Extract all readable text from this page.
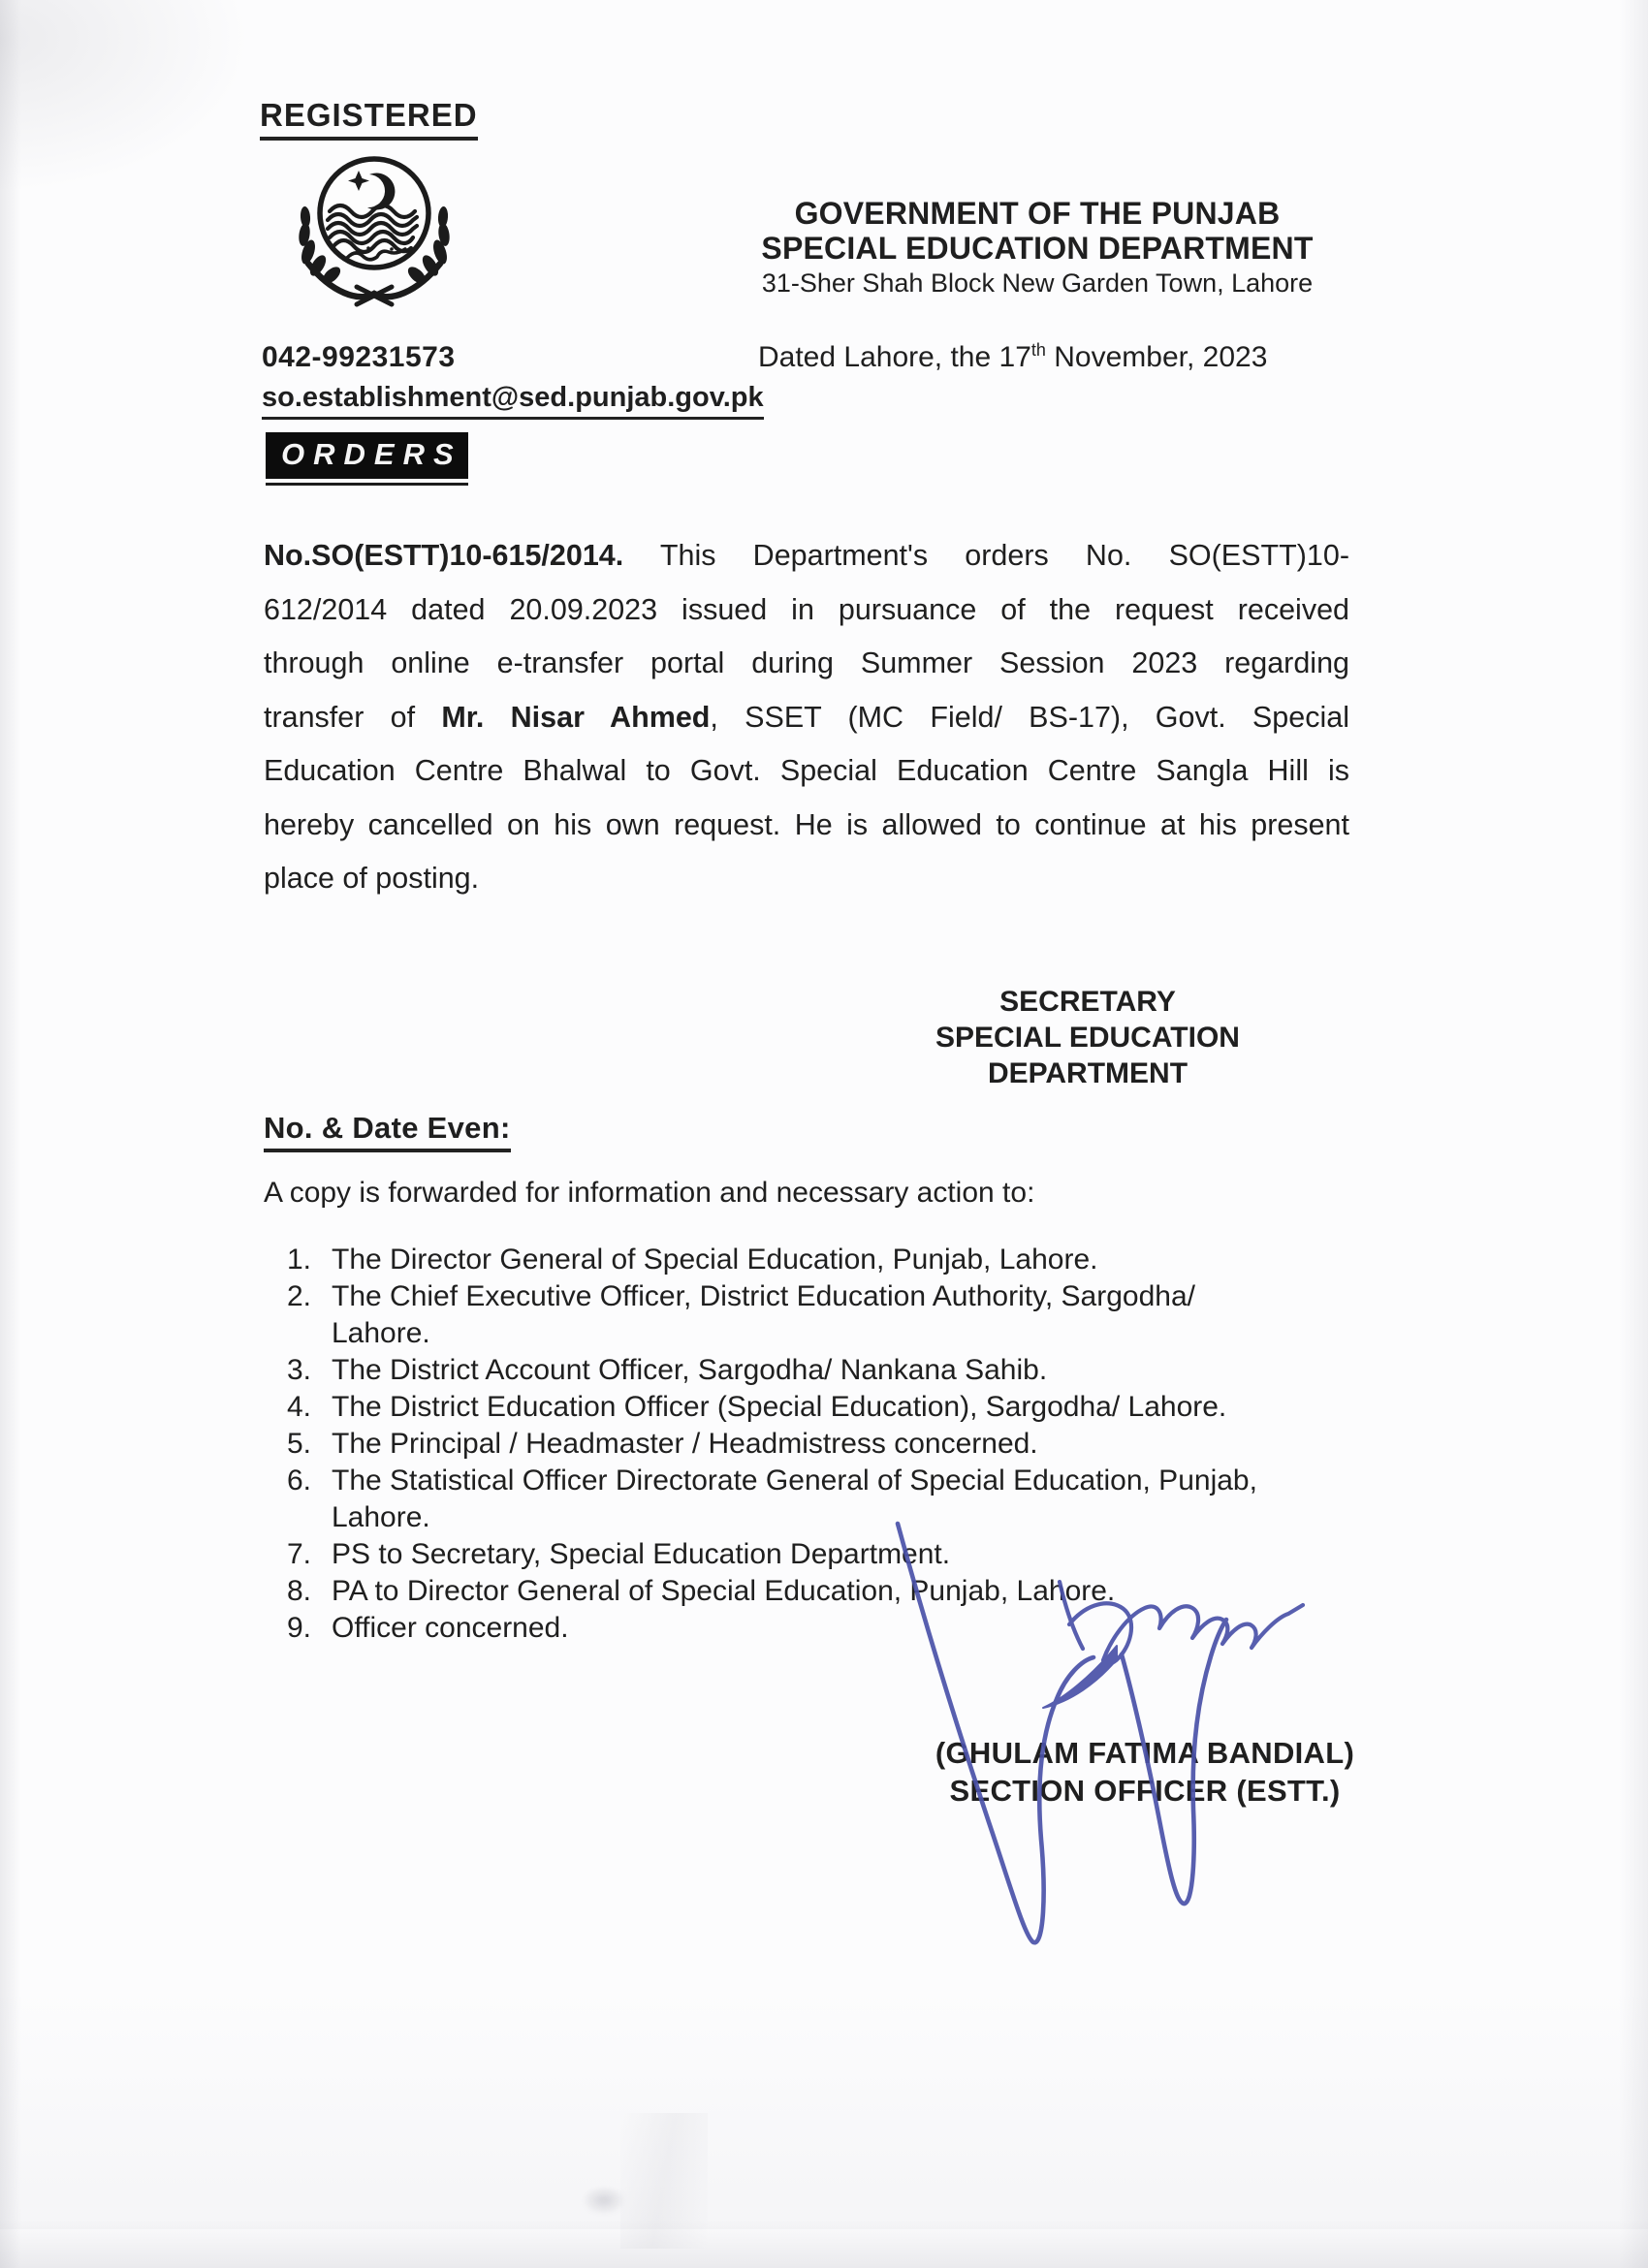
REGISTERED
GOVERNMENT OF THE PUNJAB
SPECIAL EDUCATION DEPARTMENT
31-Sher Shah Block New Garden Town, Lahore
042-99231573
so.establishment@sed.punjab.gov.pk
Dated Lahore, the 17th November, 2023
ORDERS
No.SO(ESTT)10-615/2014. This Department's orders No. SO(ESTT)10-
612/2014 dated 20.09.2023 issued in pursuance of the request received
through online e-transfer portal during Summer Session 2023 regarding
transfer of Mr. Nisar Ahmed, SSET (MC Field/ BS-17), Govt. Special
Education Centre Bhalwal to Govt. Special Education Centre Sangla Hill is
hereby cancelled on his own request. He is allowed to continue at his present
place of posting.
SECRETARY
SPECIAL EDUCATION
DEPARTMENT
No. & Date Even:
A copy is forwarded for information and necessary action to:
1. The Director General of Special Education, Punjab, Lahore.
2. The Chief Executive Officer, District Education Authority, Sargodha/
Lahore.
3. The District Account Officer, Sargodha/ Nankana Sahib.
4. The District Education Officer (Special Education), Sargodha/ Lahore.
5. The Principal / Headmaster / Headmistress concerned.
6. The Statistical Officer Directorate General of Special Education, Punjab,
Lahore.
7. PS to Secretary, Special Education Department.
8. PA to Director General of Special Education, Punjab, Lahore.
9. Officer concerned.
(GHULAM FATIMA BANDIAL)
SECTION OFFICER (ESTT.)
